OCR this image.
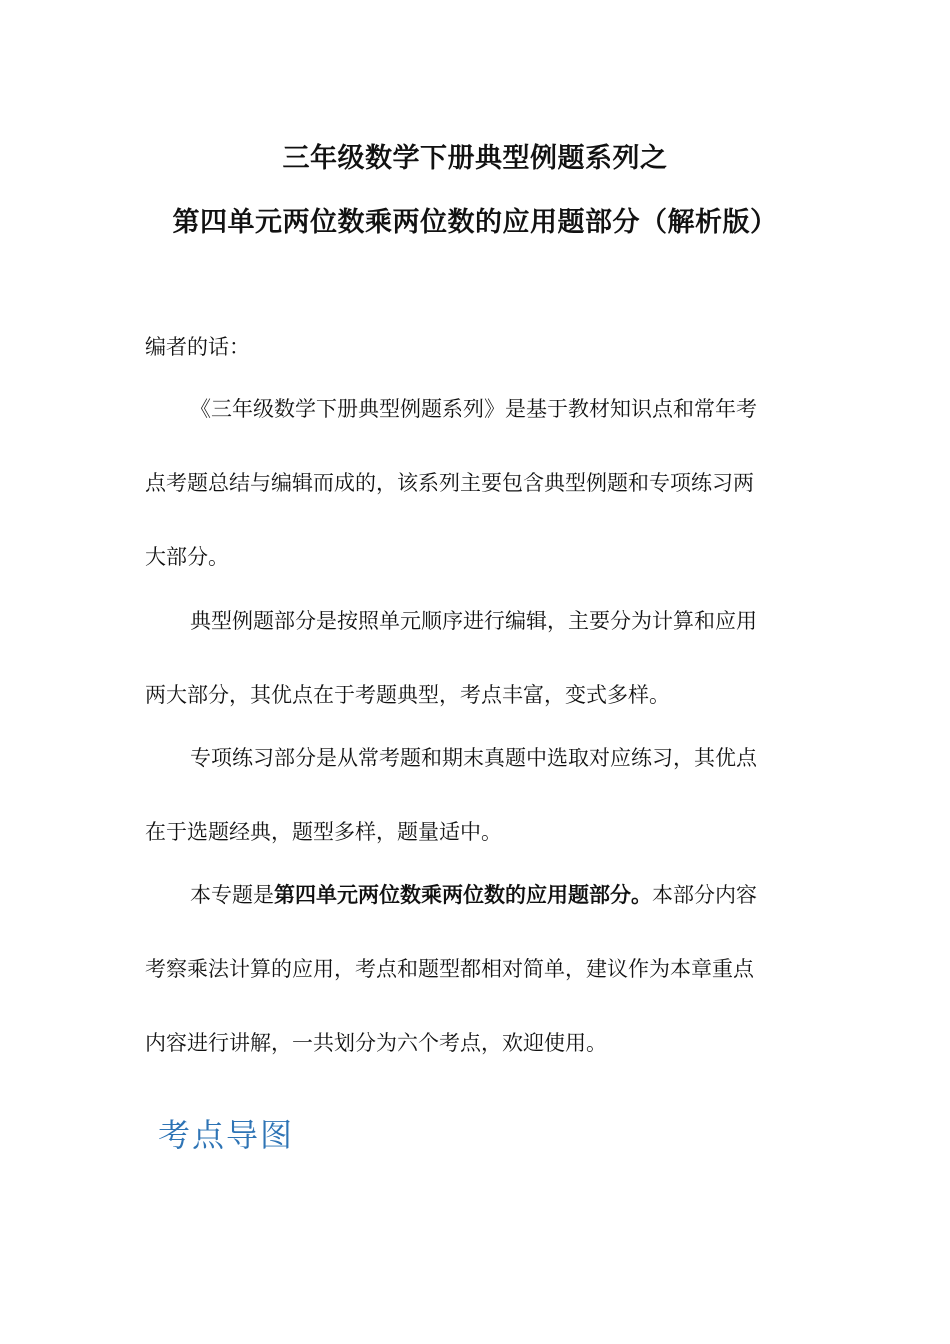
三年级数学下册典型例题系列之
第四单元两位数乘两位数的应用题部分（解析版）
编者的话：
《三年级数学下册典型例题系列》是基于教材知识点和常年考
点考题总结与编辑而成的，该系列主要包含典型例题和专项练习两
大部分。
典型例题部分是按照单元顺序进行编辑，主要分为计算和应用
两大部分，其优点在于考题典型，考点丰富，变式多样。
专项练习部分是从常考题和期末真题中选取对应练习，其优点
在于选题经典，题型多样，题量适中。
本专题是第四单元两位数乘两位数的应用题部分。本部分内容
考察乘法计算的应用，考点和题型都相对简单，建议作为本章重点
内容进行讲解，一共划分为六个考点，欢迎使用。
考点导图
